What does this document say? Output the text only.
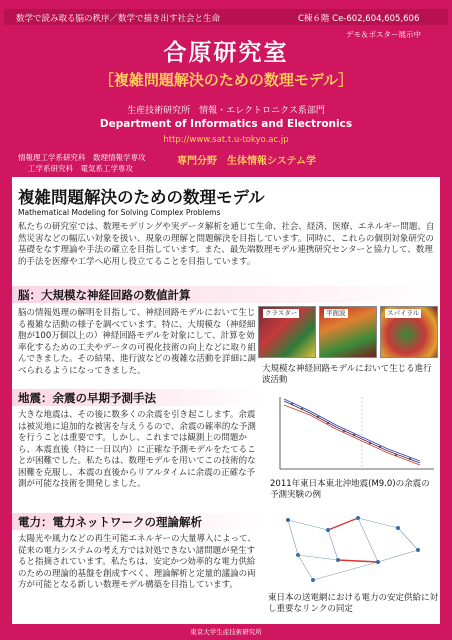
数学で読み取る脳の秩序／数学で描き出す社会と生命	C棟６階 Ce-602,604,605,606
デモ＆ポスター展示中
合原研究室
［複雑問題解決のための数理モデル］
生産技術研究所　情報・エレクトロニクス系部門
Department of Informatics and Electronics
http://www.sat.t.u-tokyo.ac.jp
情報理工学系研究科　数理情報学専攻
工学系研究科　電気系工学専攻
専門分野　生体情報システム学
複雑問題解決のための数理モデル
Mathematical Modeling for Solving Complex Problems
私たちの研究室では、数理モデリングや実データ解析を通じて生命、社会、経済、医療、エネルギー問題、自然災害などの幅広い対象を扱い、現象の理解と問題解決を目指しています。同時に、これらの個別対象研究の基礎をなす理論や手法の確立を目指しています。また、最先端数理モデル連携研究センターと協力して、数理的手法を医療や工学へ応用し役立てることを目指しています。
脳：大規模な神経回路の数値計算
脳の情報処理の解明を目指して、神経回路モデルにおいて生じる複雑な活動の様子を調べています。特に、大規模な（神経細胞が100万個以上の）神経回路モデルを対象にして、計算を効率化するための工夫やデータの可視化技術の向上などに取り組んできました。その結果、進行波などの複雑な活動を詳細に調べられるようになってきました。
クラスター	平面波	スパイラル
大規模な神経回路モデルにおいて生じる進行波活動
地震：余震の早期予測手法
大きな地震は、その後に数多くの余震を引き起こします。余震は被災地に追加的な被害を与えうるので、余震の確率的な予測を行うことは重要です。しかし、これまでは観測上の問題から、本震直後（特に一日以内）に正確な予測モデルをたてることが困難でした。私たちは、数理モデルを用いてこの技術的な困難を克服し、本震の直後からリアルタイムに余震の正確な予測が可能な技術を開発しました。	2011年東日本東北沖地震(M9.0)の余震の予測実験の例
電力：電力ネットワークの理論解析
太陽光や風力などの再生可能エネルギーの大量導入によって、従来の電力システムの考え方では対処できない諸問題が発生すると指摘されています。私たちは、安定かつ効率的な電力供給のための理論的基盤を創成すべく、理論解析と定量的議論の両方が可能となる新しい数理モデル構築を目指しています。
東日本の送電網における電力の安定供給に対し重要なリンクの同定
東京大学生産技術研究所
